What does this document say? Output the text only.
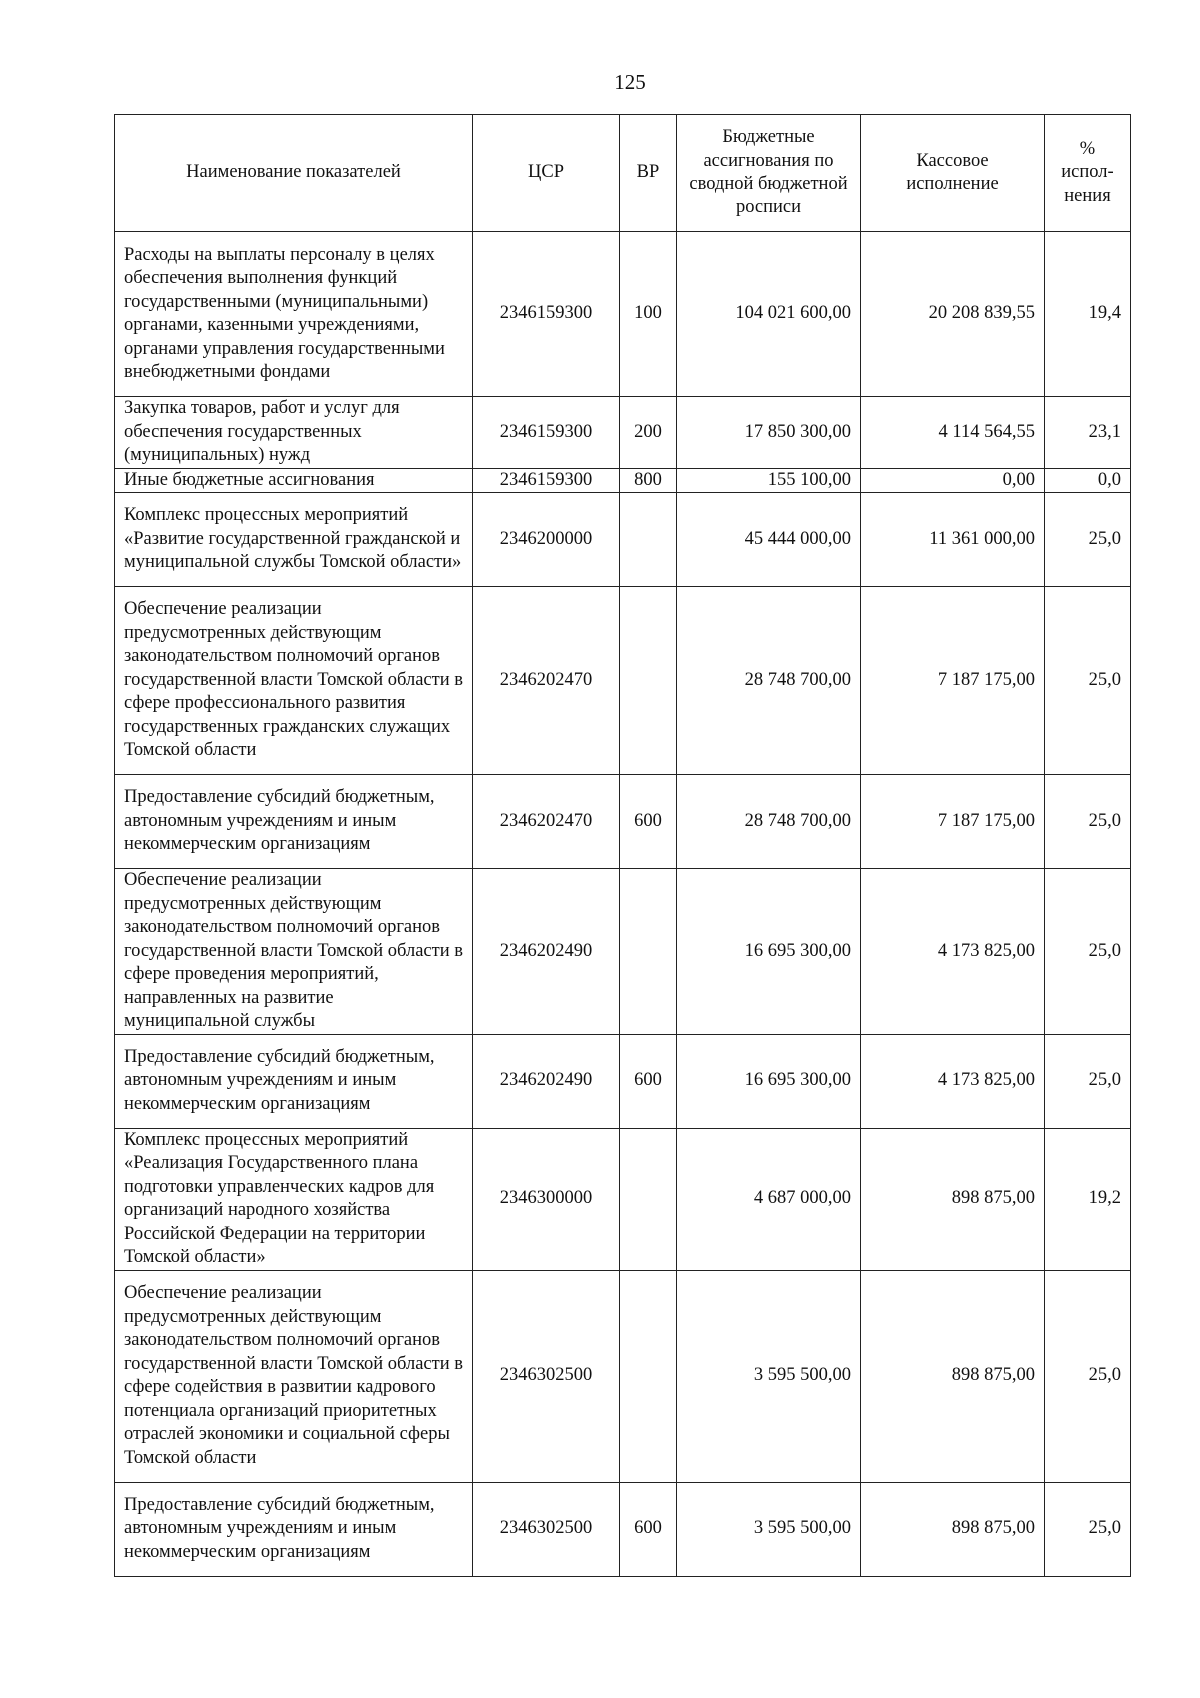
125
Наименование показателей	ЦСР	ВР	Бюджетные ассигнования по сводной бюджетной росписи	Кассовое исполнение	% испол-нения
Расходы на выплаты персоналу в целях обеспечения выполнения функций государственными (муниципальными) органами, казенными учреждениями, органами управления государственными внебюджетными фондами	2346159300	100	104 021 600,00	20 208 839,55	19,4
Закупка товаров, работ и услуг для обеспечения государственных (муниципальных) нужд	2346159300	200	17 850 300,00	4 114 564,55	23,1
Иные бюджетные ассигнования	2346159300	800	155 100,00	0,00	0,0
Комплекс процессных мероприятий «Развитие государственной гражданской и муниципальной службы Томской области»	2346200000		45 444 000,00	11 361 000,00	25,0
Обеспечение реализации предусмотренных действующим законодательством полномочий органов государственной власти Томской области в сфере профессионального развития государственных гражданских служащих Томской области	2346202470		28 748 700,00	7 187 175,00	25,0
Предоставление субсидий бюджетным, автономным учреждениям и иным некоммерческим организациям	2346202470	600	28 748 700,00	7 187 175,00	25,0
Обеспечение реализации предусмотренных действующим законодательством полномочий органов государственной власти Томской области в сфере проведения мероприятий, направленных на развитие муниципальной службы	2346202490		16 695 300,00	4 173 825,00	25,0
Предоставление субсидий бюджетным, автономным учреждениям и иным некоммерческим организациям	2346202490	600	16 695 300,00	4 173 825,00	25,0
Комплекс процессных мероприятий «Реализация Государственного плана подготовки управленческих кадров для организаций народного хозяйства Российской Федерации на территории Томской области»	2346300000		4 687 000,00	898 875,00	19,2
Обеспечение реализации предусмотренных действующим законодательством полномочий органов государственной власти Томской области в сфере содействия в развитии кадрового потенциала организаций приоритетных отраслей экономики и социальной сферы Томской области	2346302500		3 595 500,00	898 875,00	25,0
Предоставление субсидий бюджетным, автономным учреждениям и иным некоммерческим организациям	2346302500	600	3 595 500,00	898 875,00	25,0
